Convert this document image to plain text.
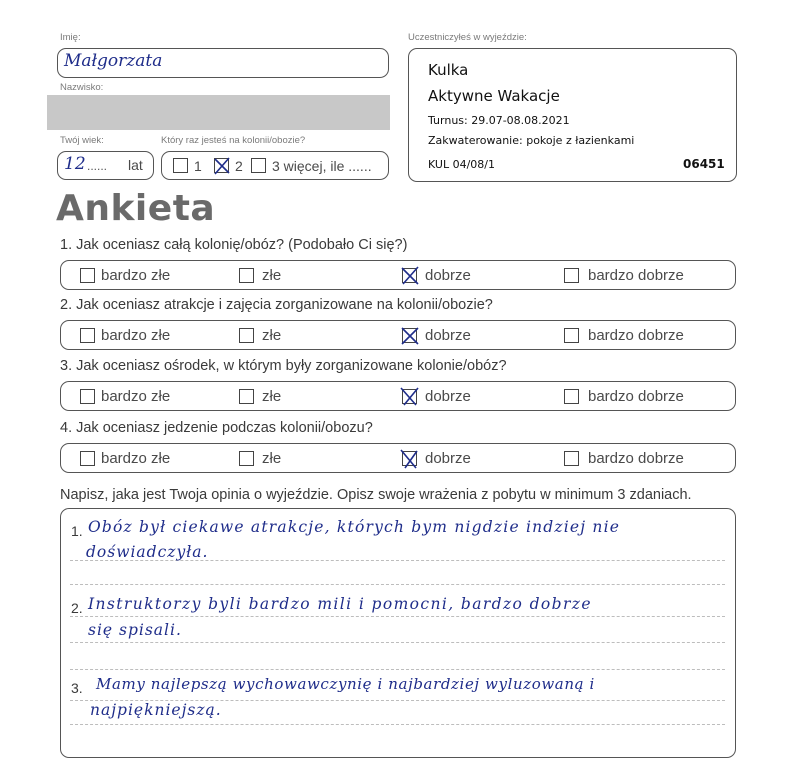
Imię:
Małgorzata
Nazwisko:
Twój wiek:
12 ...... lat
Który raz jesteś na kolonii/obozie?
1 2 3 więcej, ile ......
Uczestniczyłeś w wyjeździe:
Kulka
Aktywne Wakacje
Turnus: 29.07-08.08.2021
Zakwaterowanie: pokoje z łazienkami
KUL 04/08/1	06451
Ankieta
1. Jak oceniasz całą kolonię/obóz? (Podobało Ci się?)
bardzo złe	złe	dobrze	bardzo dobrze
2. Jak oceniasz atrakcje i zajęcia zorganizowane na kolonii/obozie?
bardzo złe	złe	dobrze	bardzo dobrze
3. Jak oceniasz ośrodek, w którym były zorganizowane kolonie/obóz?
bardzo złe	złe	dobrze	bardzo dobrze
4. Jak oceniasz jedzenie podczas kolonii/obozu?
bardzo złe	złe	dobrze	bardzo dobrze
Napisz, jaka jest Twoja opinia o wyjeździe. Opisz swoje wrażenia z pobytu w minimum 3 zdaniach.
1. Obóz był ciekawe atrakcje, których bym nigdzie indziej nie
doświadczyła.
2. Instruktorzy byli bardzo mili i pomocni, bardzo dobrze
się spisali.
3. Mamy najlepszą wychowawczynię i najbardziej wyluzowaną i
najpiękniejszą.
